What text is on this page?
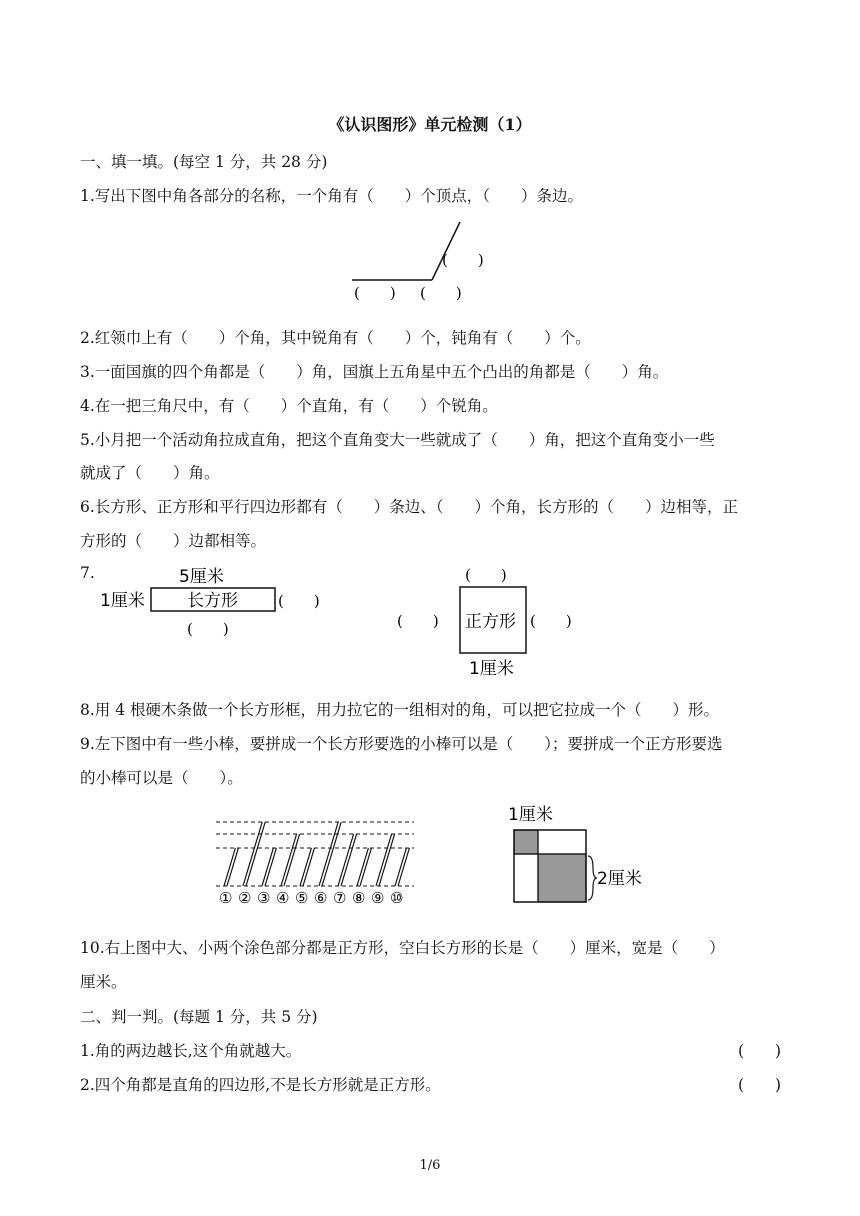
《认识图形》单元检测（1）
一、填一填。(每空 1 分，共 28 分)
1.写出下图中角各部分的名称，一个角有（　　）个顶点，（　　）条边。
(　　)
(　　) (　　)
2.红领巾上有（　　）个角，其中锐角有（　　）个，钝角有（　　）个。
3.一面国旗的四个角都是（　　）角，国旗上五角星中五个凸出的角都是（　　）角。
4.在一把三角尺中，有（　　）个直角，有（　　）个锐角。
5.小月把一个活动角拉成直角，把这个直角变大一些就成了（　　）角，把这个直角变小一些
就成了（　　）角。
6.长方形、正方形和平行四边形都有（　　）条边、（　　）个角，长方形的（　　）边相等，正
方形的（　　）边都相等。
7.	5厘米
1厘米 长方形	(　　)
(　　)
(　　)
(　　) 正方形 (　　)
1厘米
8.用 4 根硬木条做一个长方形框，用力拉它的一组相对的角，可以把它拉成一个（　　）形。
9.左下图中有一些小棒，要拼成一个长方形要选的小棒可以是（　　）；要拼成一个正方形要选
的小棒可以是（　　）。
① ② ③ ④ ⑤ ⑥ ⑦ ⑧ ⑨ ⑩
1厘米
2厘米
10.右上图中大、小两个涂色部分都是正方形，空白长方形的长是（　　）厘米，宽是（　　）
厘米。
二、判一判。(每题 1 分，共 5 分)
1.角的两边越长,这个角就越大。	(　　)
2.四个角都是直角的四边形,不是长方形就是正方形。	(　　)
1/6
